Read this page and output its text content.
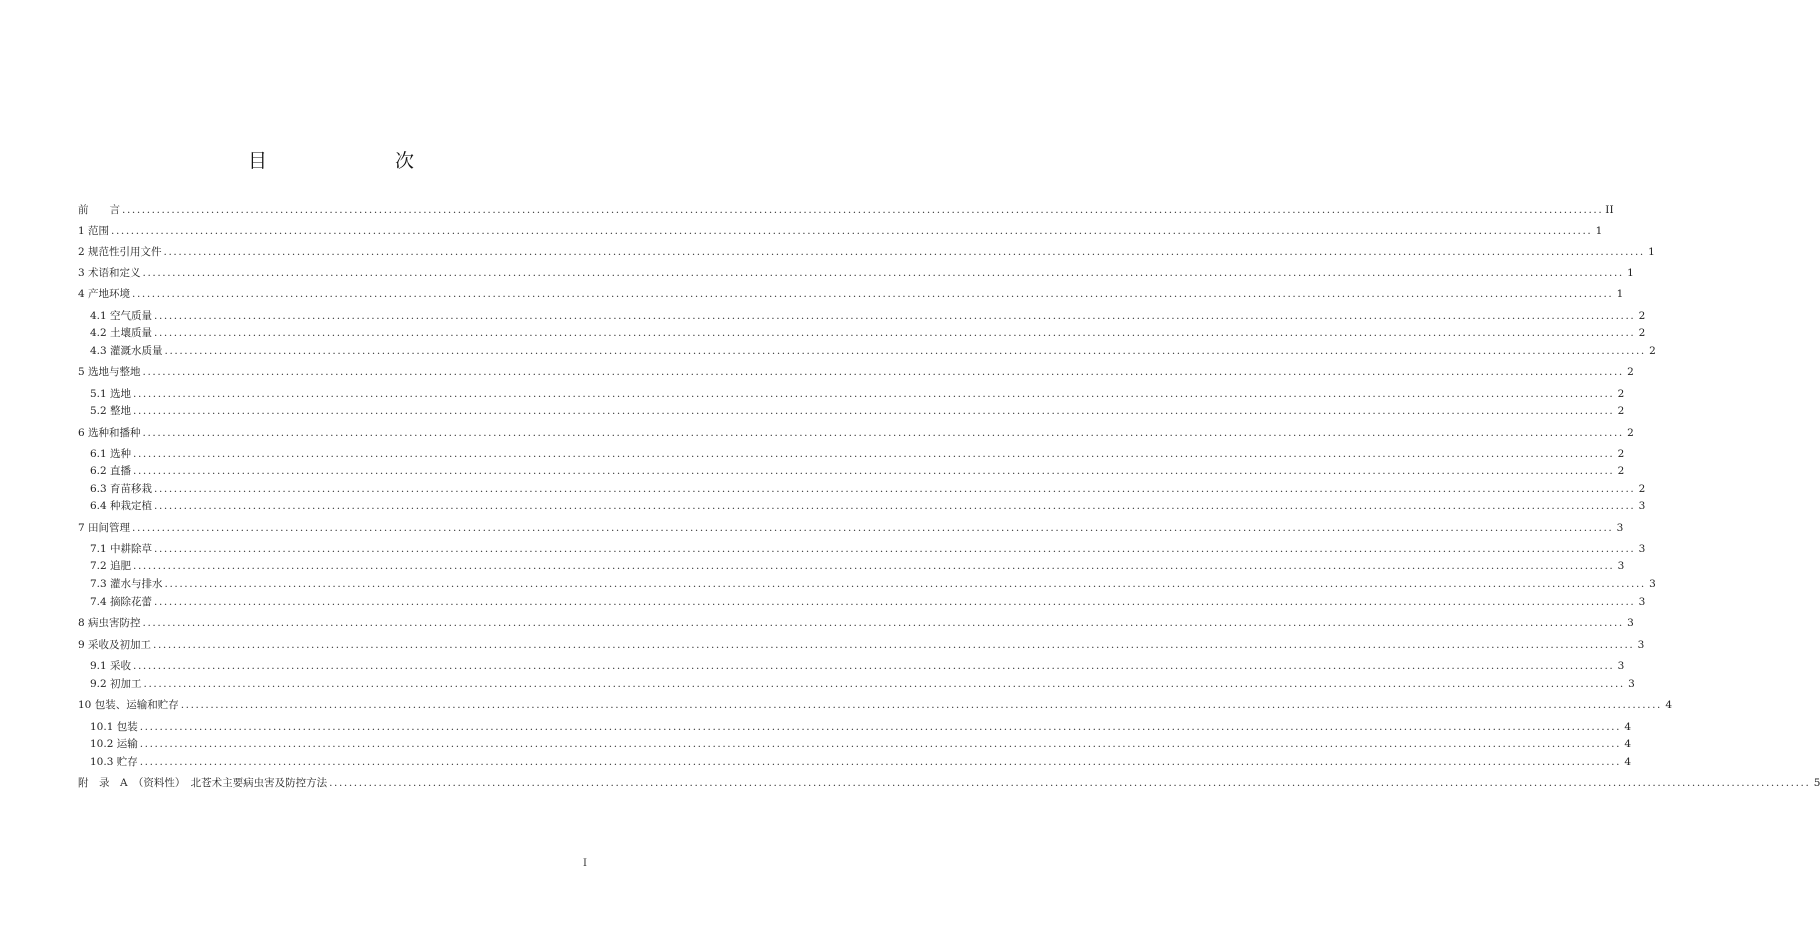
目　　次
前　　言 ............................................................................................................................................................................................................................................................................................................ II
1 范围 ............................................................................................................................................................................................................................................................................................................ 1
2 规范性引用文件 ............................................................................................................................................................................................................................................................................................................ 1
3 术语和定义 ............................................................................................................................................................................................................................................................................................................ 1
4 产地环境 ............................................................................................................................................................................................................................................................................................................ 1
4.1 空气质量 ............................................................................................................................................................................................................................................................................................................ 2
4.2 土壤质量 ............................................................................................................................................................................................................................................................................................................ 2
4.3 灌溉水质量 ............................................................................................................................................................................................................................................................................................................ 2
5 选地与整地 ............................................................................................................................................................................................................................................................................................................ 2
5.1 选地 ............................................................................................................................................................................................................................................................................................................ 2
5.2 整地 ............................................................................................................................................................................................................................................................................................................ 2
6 选种和播种 ............................................................................................................................................................................................................................................................................................................ 2
6.1 选种 ............................................................................................................................................................................................................................................................................................................ 2
6.2 直播 ............................................................................................................................................................................................................................................................................................................ 2
6.3 育苗移栽 ............................................................................................................................................................................................................................................................................................................ 2
6.4 种栽定植 ............................................................................................................................................................................................................................................................................................................ 3
7 田间管理 ............................................................................................................................................................................................................................................................................................................ 3
7.1 中耕除草 ............................................................................................................................................................................................................................................................................................................ 3
7.2 追肥 ............................................................................................................................................................................................................................................................................................................ 3
7.3 灌水与排水 ............................................................................................................................................................................................................................................................................................................ 3
7.4 摘除花蕾 ............................................................................................................................................................................................................................................................................................................ 3
8 病虫害防控 ............................................................................................................................................................................................................................................................................................................ 3
9 采收及初加工 ............................................................................................................................................................................................................................................................................................................ 3
9.1 采收 ............................................................................................................................................................................................................................................................................................................ 3
9.2 初加工 ............................................................................................................................................................................................................................................................................................................ 3
10 包装、运输和贮存 ............................................................................................................................................................................................................................................................................................................ 4
10.1 包装 ............................................................................................................................................................................................................................................................................................................ 4
10.2 运输 ............................................................................................................................................................................................................................................................................................................ 4
10.3 贮存 ............................................................................................................................................................................................................................................................................................................ 4
附　录　A　（资料性）　北苍术主要病虫害及防控方法 ............................................................................................................................................................................................................................................................................................................ 5
I
